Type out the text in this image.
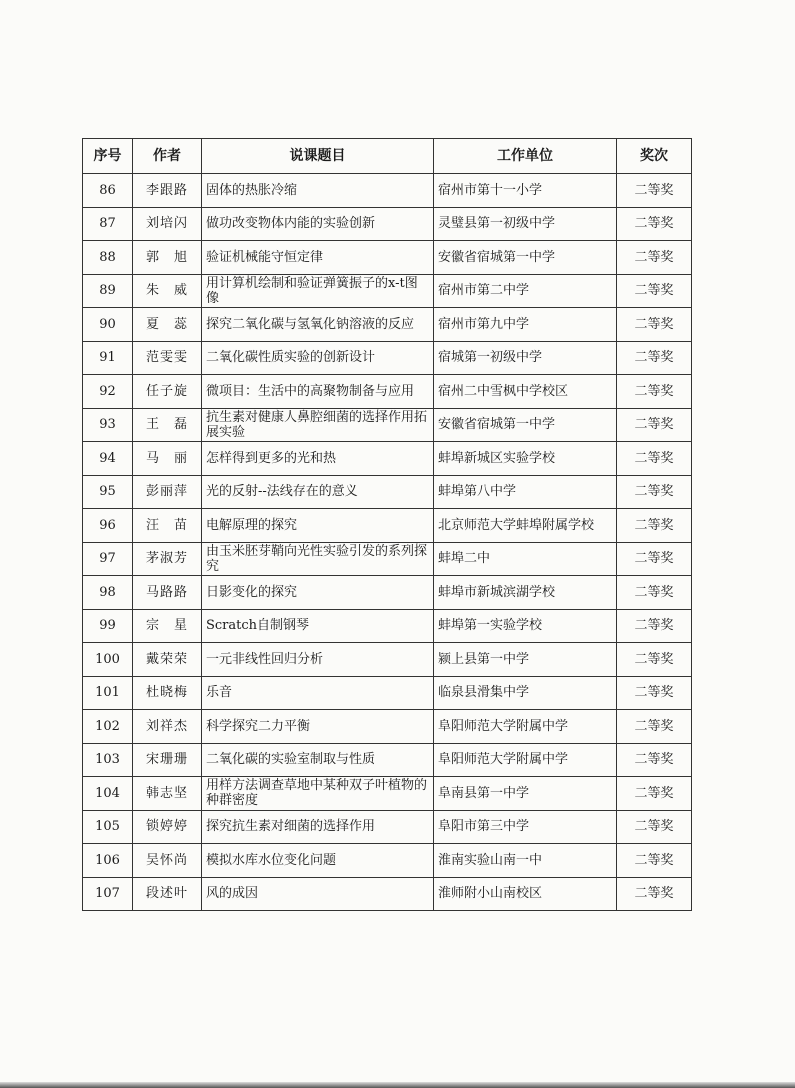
序号	作者	说课题目	工作单位	奖次
86	李跟路	固体的热胀冷缩	宿州市第十一小学	二等奖
87	刘培闪	做功改变物体内能的实验创新	灵璧县第一初级中学	二等奖
88	郭　旭	验证机械能守恒定律	安徽省宿城第一中学	二等奖
89	朱　威	用计算机绘制和验证弹簧振子的x-t图像	宿州市第二中学	二等奖
90	夏　蕊	探究二氧化碳与氢氧化钠溶液的反应	宿州市第九中学	二等奖
91	范雯雯	二氧化碳性质实验的创新设计	宿城第一初级中学	二等奖
92	任子旋	微项目：生活中的高聚物制备与应用	宿州二中雪枫中学校区	二等奖
93	王　磊	抗生素对健康人鼻腔细菌的选择作用拓展实验	安徽省宿城第一中学	二等奖
94	马　丽	怎样得到更多的光和热	蚌埠新城区实验学校	二等奖
95	彭丽萍	光的反射--法线存在的意义	蚌埠第八中学	二等奖
96	汪　苗	电解原理的探究	北京师范大学蚌埠附属学校	二等奖
97	茅淑芳	由玉米胚芽鞘向光性实验引发的系列探究	蚌埠二中	二等奖
98	马路路	日影变化的探究	蚌埠市新城滨湖学校	二等奖
99	宗　星	Scratch自制钢琴	蚌埠第一实验学校	二等奖
100	戴荣荣	一元非线性回归分析	颍上县第一中学	二等奖
101	杜晓梅	乐音	临泉县滑集中学	二等奖
102	刘祥杰	科学探究二力平衡	阜阳师范大学附属中学	二等奖
103	宋珊珊	二氧化碳的实验室制取与性质	阜阳师范大学附属中学	二等奖
104	韩志坚	用样方法调查草地中某种双子叶植物的种群密度	阜南县第一中学	二等奖
105	锁婷婷	探究抗生素对细菌的选择作用	阜阳市第三中学	二等奖
106	吴怀尚	模拟水库水位变化问题	淮南实验山南一中	二等奖
107	段述叶	风的成因	淮师附小山南校区	二等奖
